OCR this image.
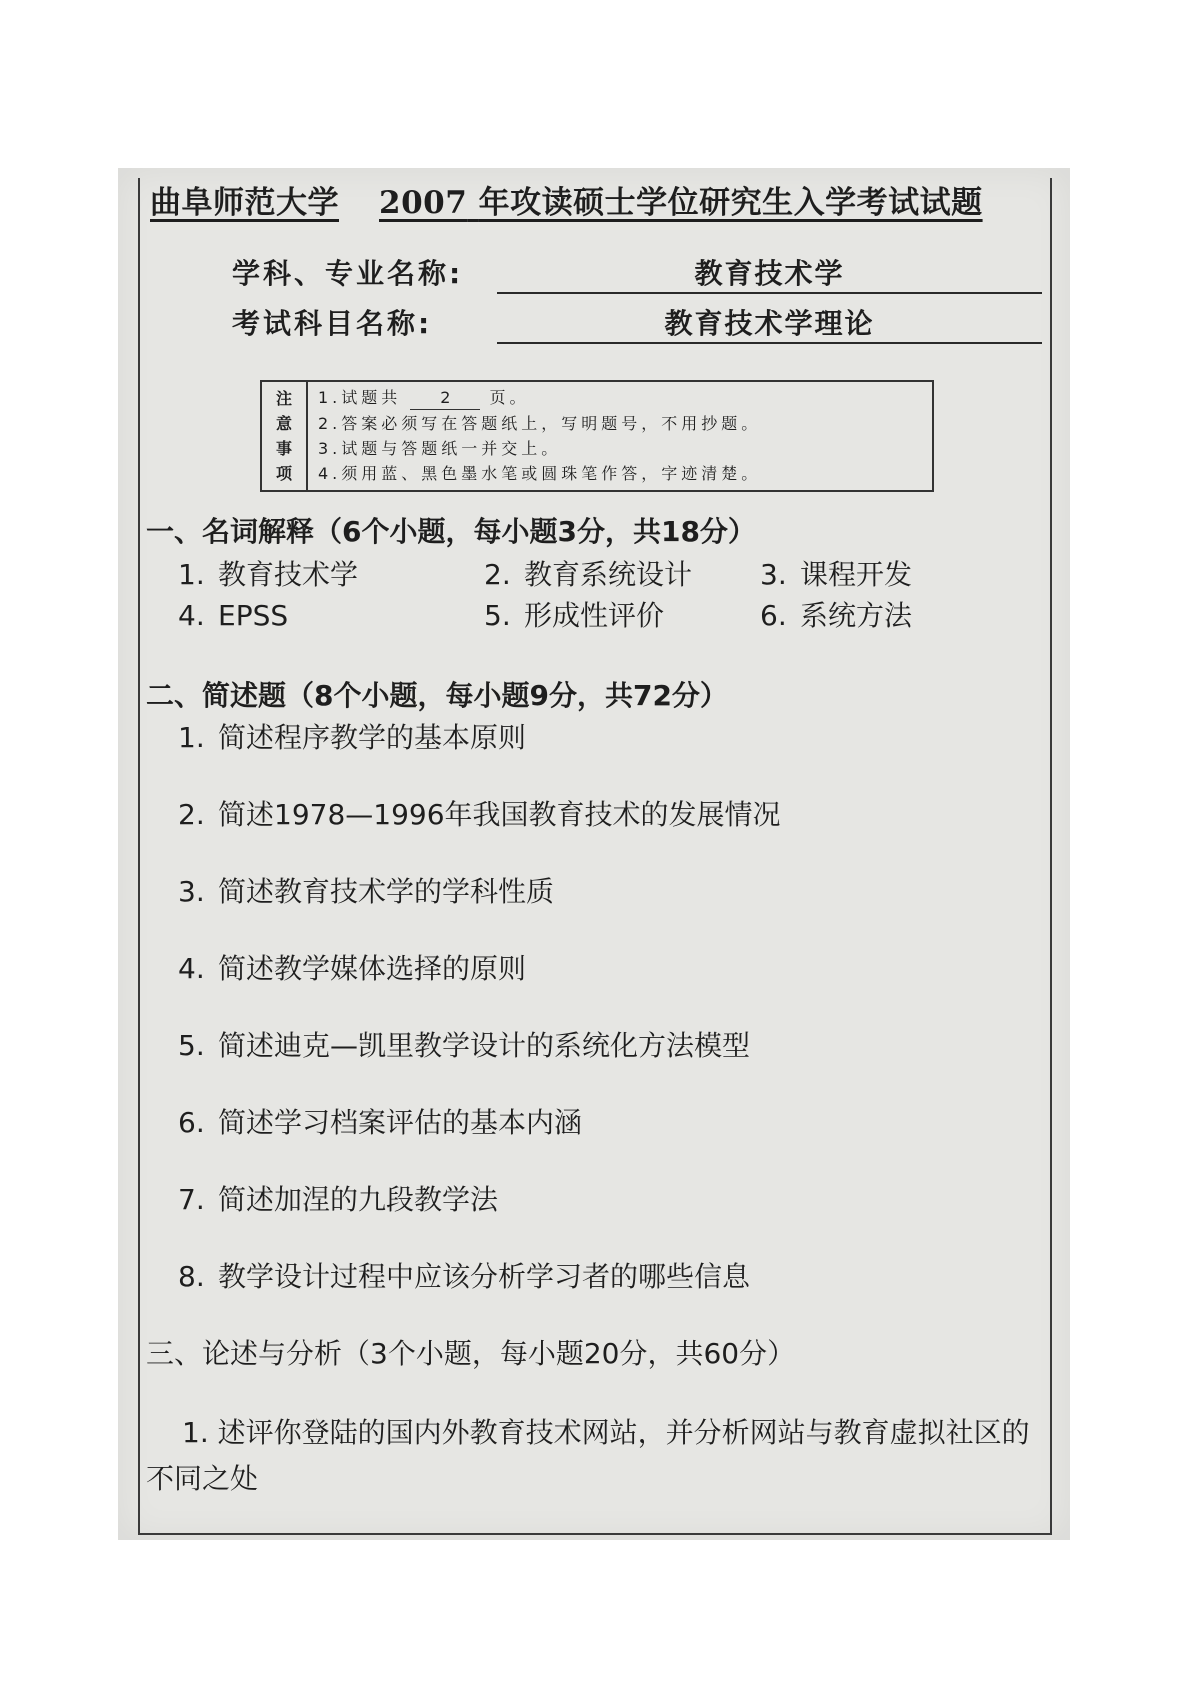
曲阜师范大学 2007 年攻读硕士学位研究生入学考试试题
学科、专业名称:	教育技术学
考试科目名称:	教育技术学理论
注
意
事
项
1.试题共 2 页。
2.答案必须写在答题纸上，写明题号，不用抄题。
3.试题与答题纸一并交上。
4.须用蓝、黑色墨水笔或圆珠笔作答，字迹清楚。
一、名词解释（6个小题，每小题3分，共18分）
1. 教育技术学	2. 教育系统设计 3. 课程开发
4. EPSS	5. 形成性评价	6. 系统方法
二、简述题（8个小题，每小题9分，共72分）
1. 简述程序教学的基本原则
2. 简述1978—1996年我国教育技术的发展情况
3. 简述教育技术学的学科性质
4. 简述教学媒体选择的原则
5. 简述迪克—凯里教学设计的系统化方法模型
6. 简述学习档案评估的基本内涵
7. 简述加涅的九段教学法
8. 教学设计过程中应该分析学习者的哪些信息
三、论述与分析（3个小题，每小题20分，共60分）
1. 述评你登陆的国内外教育技术网站，并分析网站与教育虚拟社区的不同之处
